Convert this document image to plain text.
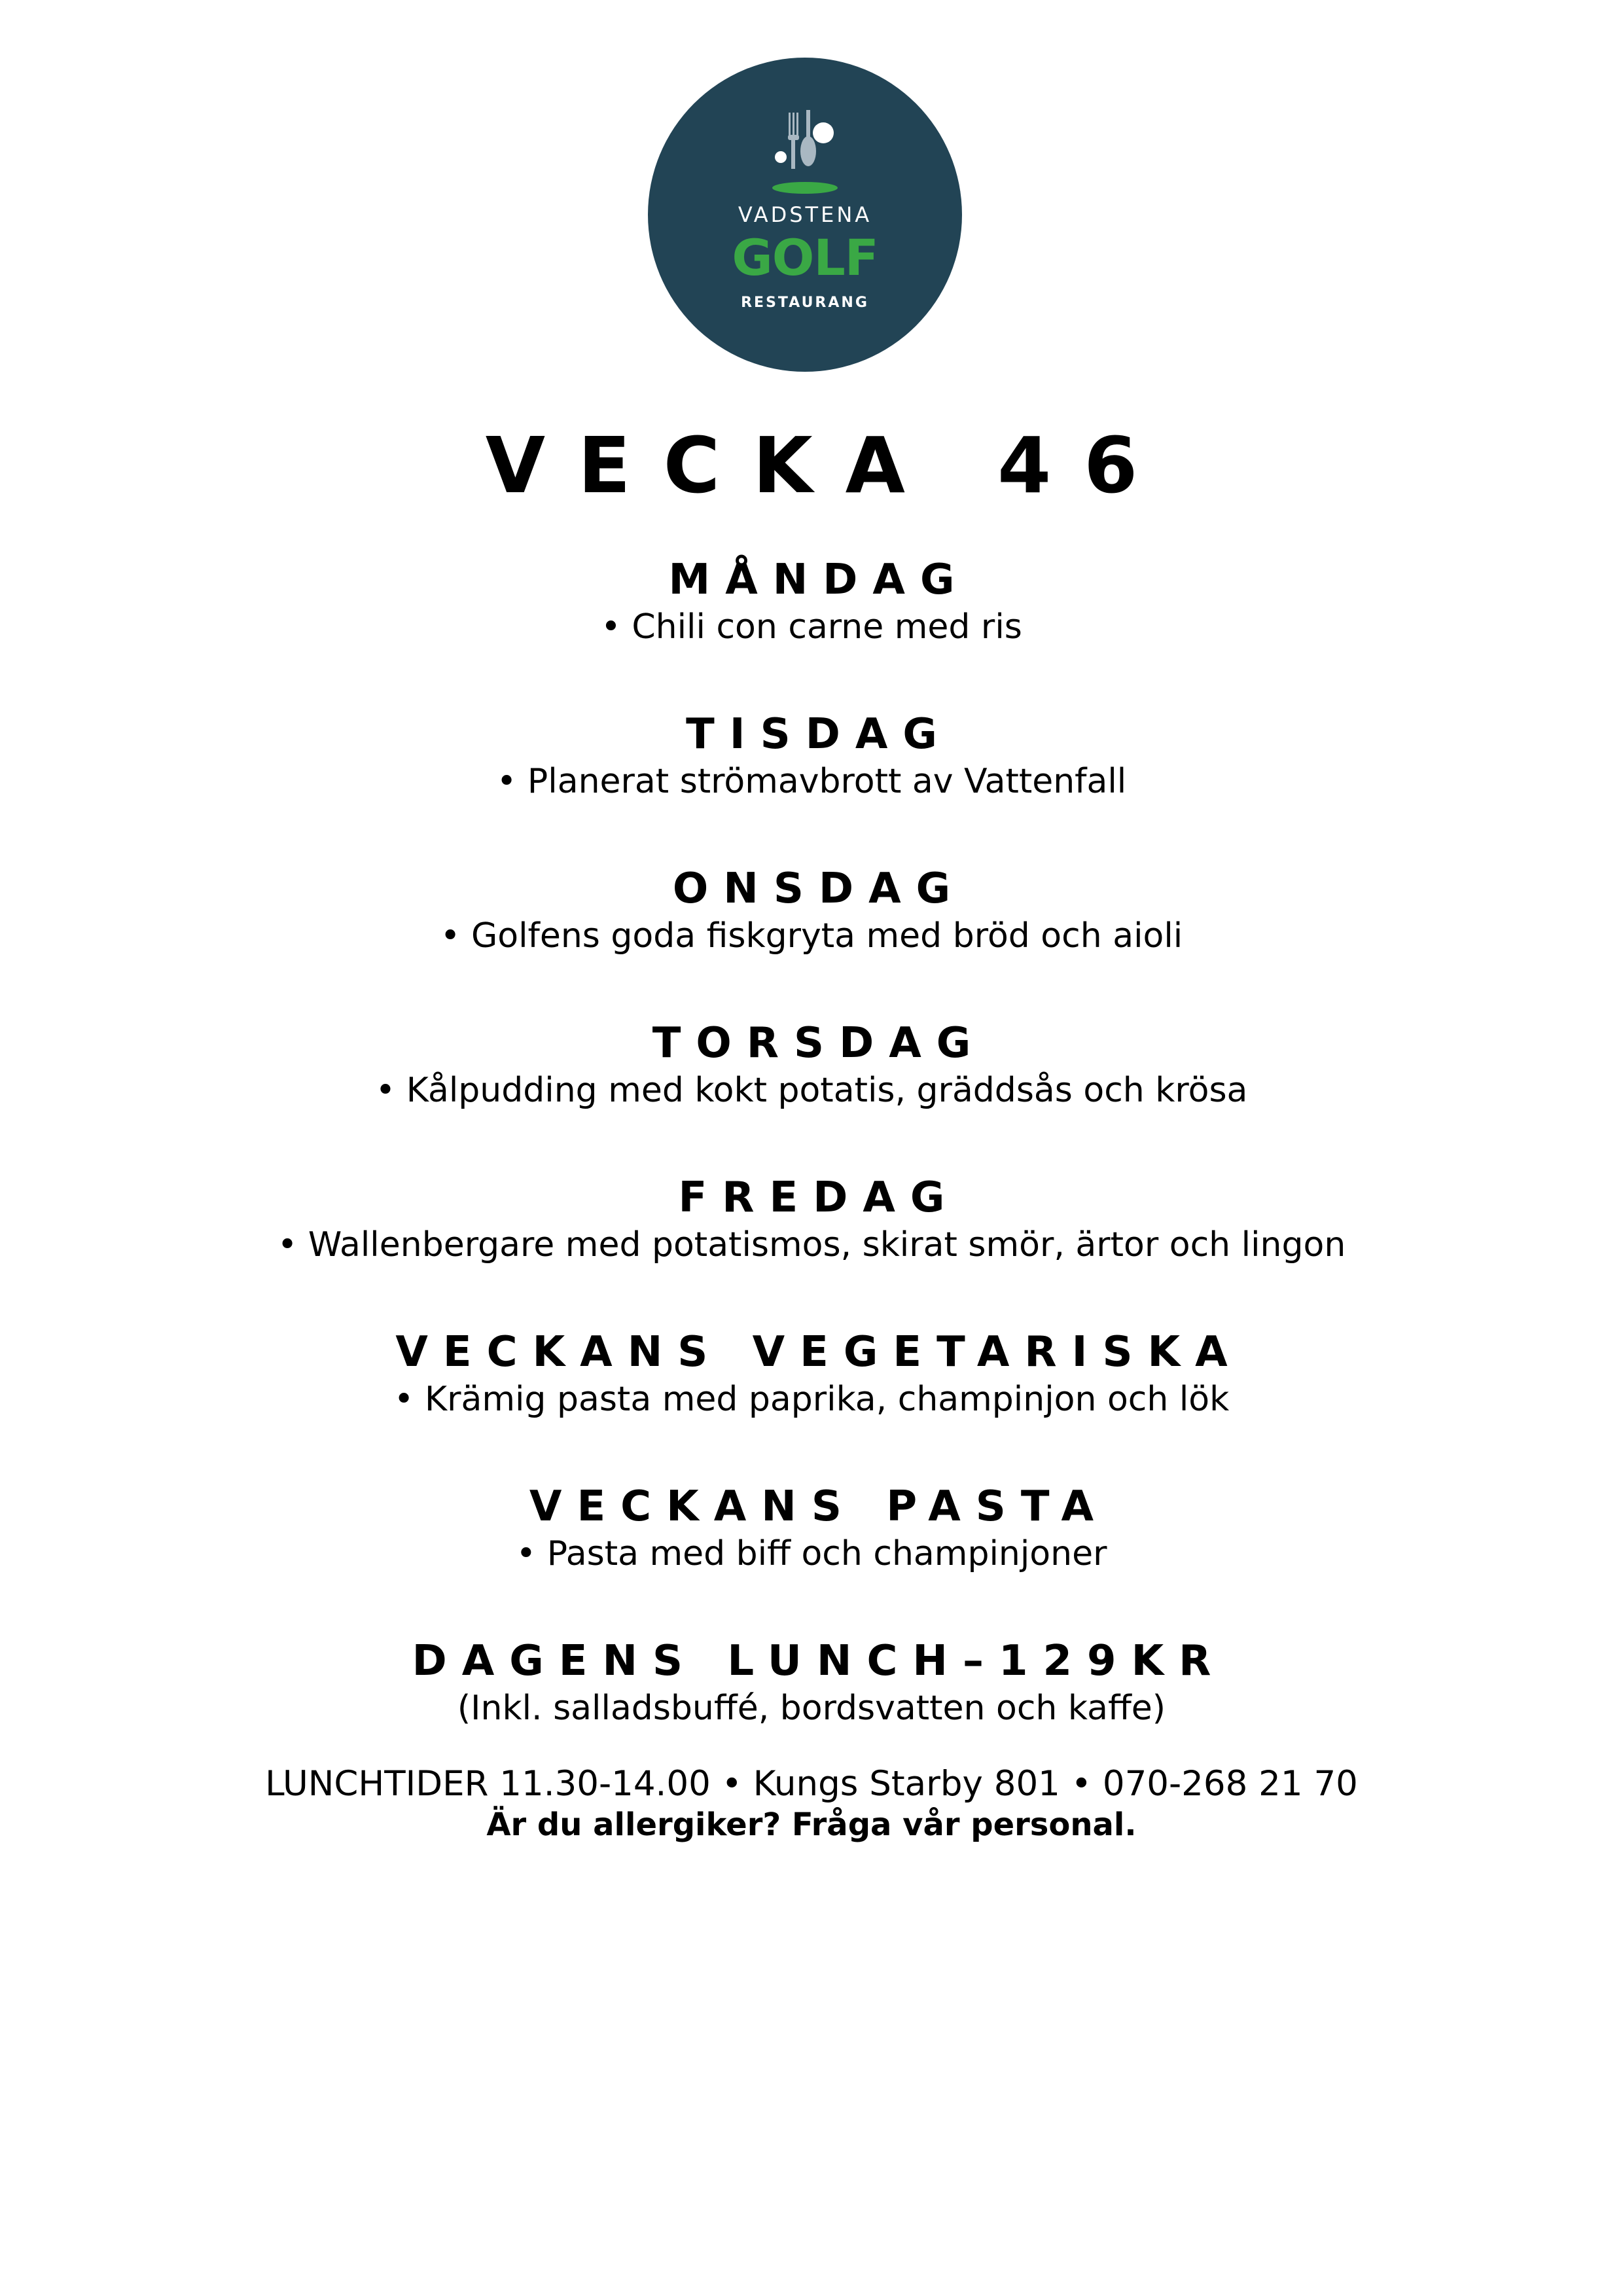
VADSTENA
GOLF
RESTAURANG
VECKA 46
MÅNDAG
• Chili con carne med ris
TISDAG
• Planerat strömavbrott av Vattenfall
ONSDAG
• Golfens goda fiskgryta med bröd och aioli
TORSDAG
• Kålpudding med kokt potatis, gräddsås och krösa
FREDAG
• Wallenbergare med potatismos, skirat smör, ärtor och lingon
VECKANS VEGETARISKA
• Krämig pasta med paprika, champinjon och lök
VECKANS PASTA
• Pasta med biff och champinjoner
DAGENS LUNCH–129KR
(Inkl. salladsbuffé, bordsvatten och kaffe)
LUNCHTIDER 11.30-14.00 • Kungs Starby 801 • 070-268 21 70
Är du allergiker? Fråga vår personal.
